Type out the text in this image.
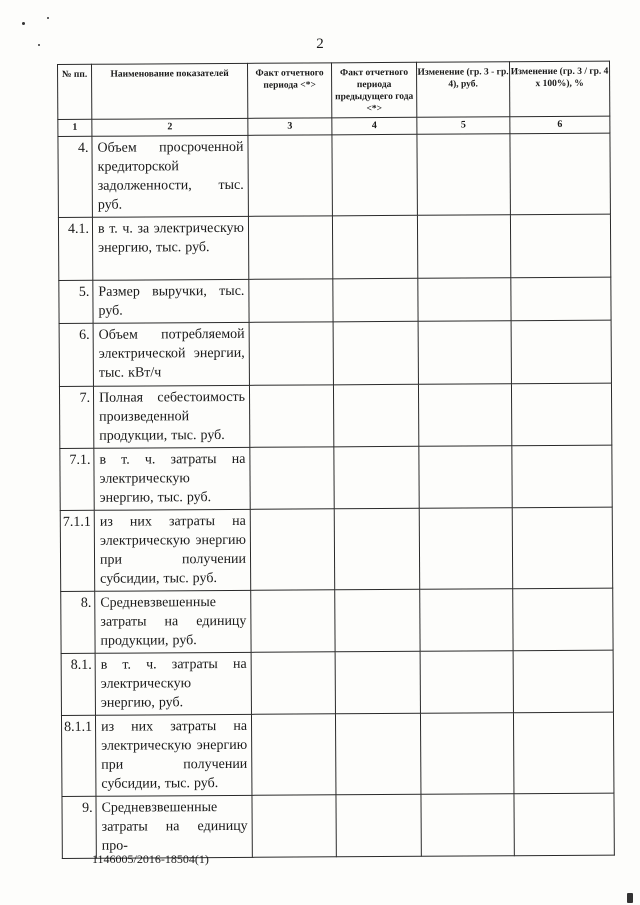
2
№ пп.	Наименование показателей	Факт отчетного периода <*>	Факт отчетного периода предыдущего года <*>	Изменение (гр. 3 - гр. 4), руб.	Изменение (гр. 3 / гр. 4 x 100%), %
1	2	3	4	5	6
4.	Объем просроченной кредиторской задолженности, тыс. руб.				
4.1.	в т. ч. за электрическую энергию, тыс. руб.				
5.	Размер выручки, тыс. руб.				
6.	Объем потребляемой электрической энергии, тыс. кВт/ч				
7.	Полная себестоимость произведенной продукции, тыс. руб.				
7.1.	в т. ч. затраты на электрическую энергию, тыс. руб.				
7.1.1	из них затраты на электрическую энергию при получении субсидии, тыс. руб.				
8.	Средневзвешенные затраты на единицу продукции, руб.				
8.1.	в т. ч. затраты на электрическую энергию, руб.				
8.1.1	из них затраты на электрическую энергию при получении субсидии, тыс. руб.				
9.	Средневзвешенные затраты на единицу про-				
1146005/2016-18504(1)
